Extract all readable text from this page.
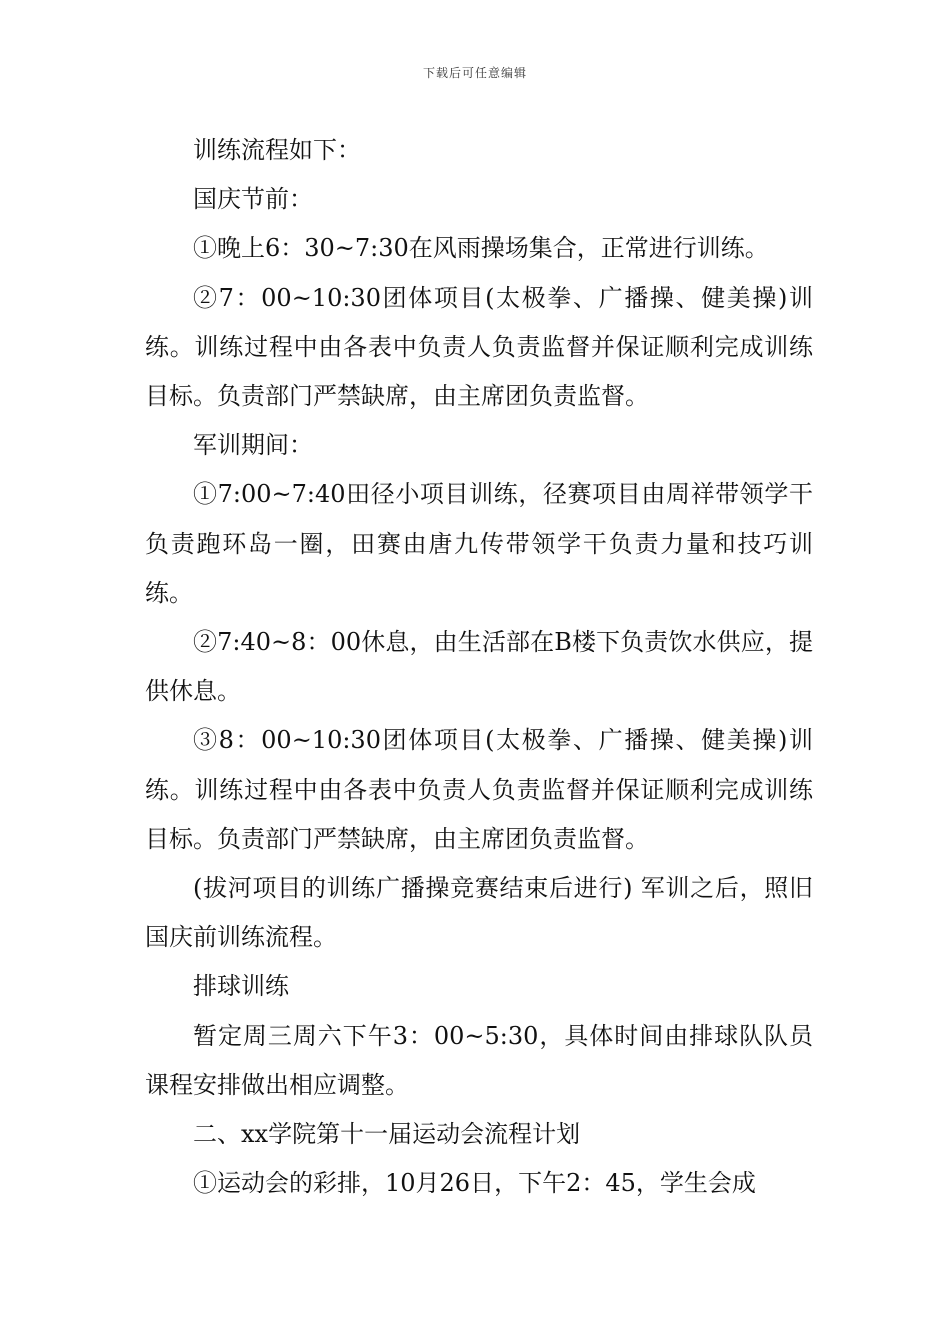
下载后可任意编辑

训练流程如下：

国庆节前：

①晚上6：30~7:30在风雨操场集合，正常进行训练。

②7：00~10:30团体项目(太极拳、广播操、健美操)训练。训练过程中由各表中负责人负责监督并保证顺利完成训练目标。负责部门严禁缺席，由主席团负责监督。

军训期间：

①7:00~7:40田径小项目训练，径赛项目由周祥带领学干负责跑环岛一圈，田赛由唐九传带领学干负责力量和技巧训练。

②7:40~8：00休息，由生活部在B楼下负责饮水供应，提供休息。

③8：00~10:30团体项目(太极拳、广播操、健美操)训练。训练过程中由各表中负责人负责监督并保证顺利完成训练目标。负责部门严禁缺席，由主席团负责监督。

(拔河项目的训练广播操竞赛结束后进行) 军训之后，照旧国庆前训练流程。

排球训练

暂定周三周六下午3：00~5:30，具体时间由排球队队员课程安排做出相应调整。

二、xx学院第十一届运动会流程计划

①运动会的彩排，10月26日，下午2：45，学生会成
